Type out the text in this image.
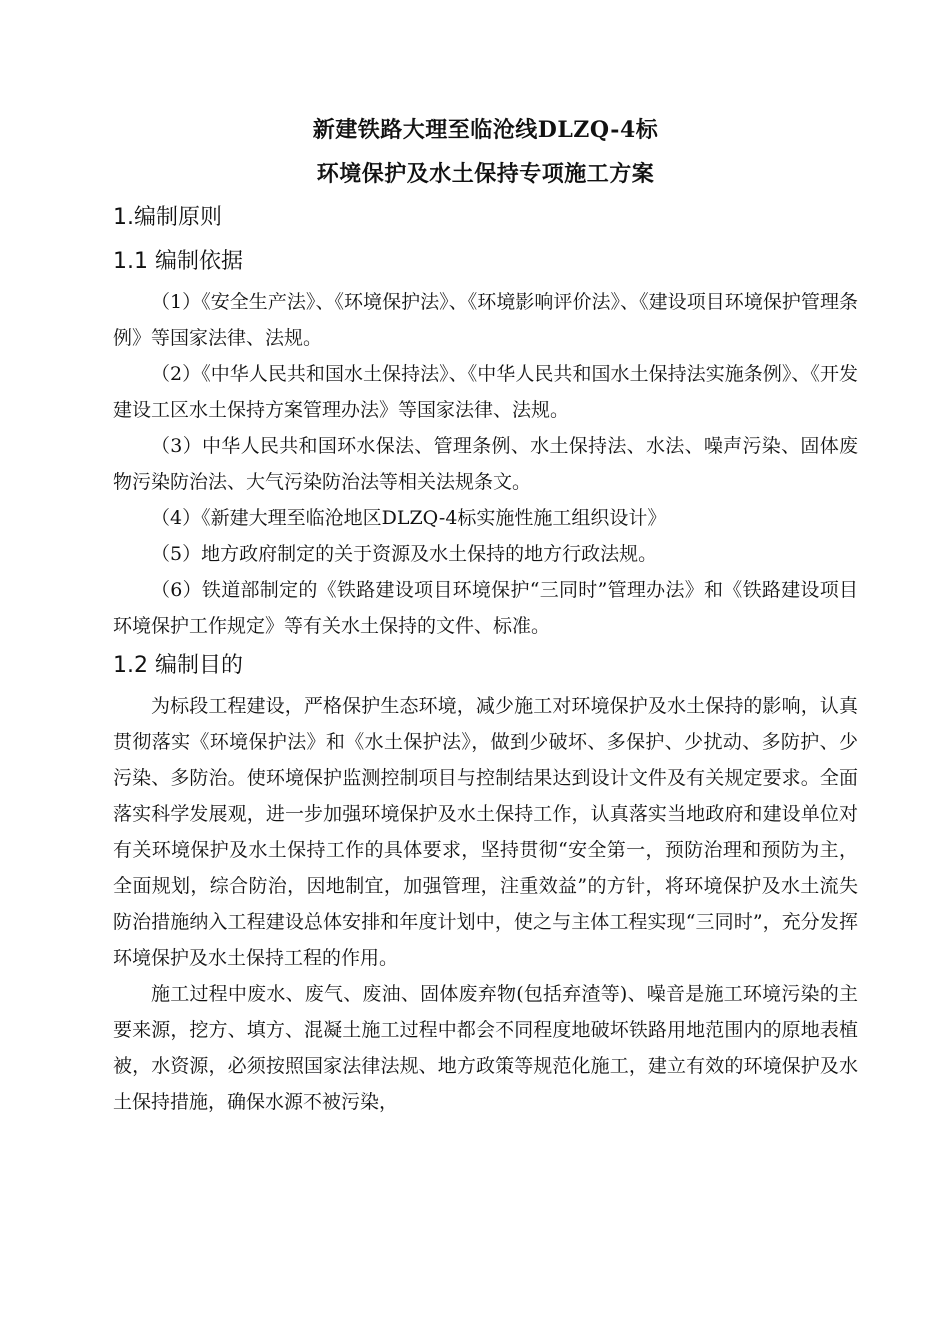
新建铁路大理至临沧线DLZQ-4标

环境保护及水土保持专项施工方案

1.编制原则

1.1 编制依据

（1）《安全生产法》、《环境保护法》、《环境影响评价法》、《建设项目环境保护管理条例》等国家法律、法规。

（2）《中华人民共和国水土保持法》、《中华人民共和国水土保持法实施条例》、《开发建设工区水土保持方案管理办法》等国家法律、法规。

（3）中华人民共和国环水保法、管理条例、水土保持法、水法、噪声污染、固体废物污染防治法、大气污染防治法等相关法规条文。

（4）《新建大理至临沧地区DLZQ-4标实施性施工组织设计》

（5）地方政府制定的关于资源及水土保持的地方行政法规。

（6）铁道部制定的《铁路建设项目环境保护“三同时”管理办法》和《铁路建设项目环境保护工作规定》等有关水土保持的文件、标准。

1.2 编制目的

为标段工程建设，严格保护生态环境，减少施工对环境保护及水土保持的影响，认真贯彻落实《环境保护法》和《水土保护法》，做到少破坏、多保护、少扰动、多防护、少污染、多防治。使环境保护监测控制项目与控制结果达到设计文件及有关规定要求。全面落实科学发展观，进一步加强环境保护及水土保持工作，认真落实当地政府和建设单位对有关环境保护及水土保持工作的具体要求，坚持贯彻“安全第一，预防治理和预防为主，全面规划，综合防治，因地制宜，加强管理，注重效益”的方针，将环境保护及水土流失防治措施纳入工程建设总体安排和年度计划中，使之与主体工程实现“三同时”，充分发挥环境保护及水土保持工程的作用。

施工过程中废水、废气、废油、固体废弃物(包括弃渣等)、噪音是施工环境污染的主要来源，挖方、填方、混凝土施工过程中都会不同程度地破坏铁路用地范围内的原地表植被，水资源，必须按照国家法律法规、地方政策等规范化施工，建立有效的环境保护及水土保持措施，确保水源不被污染，
